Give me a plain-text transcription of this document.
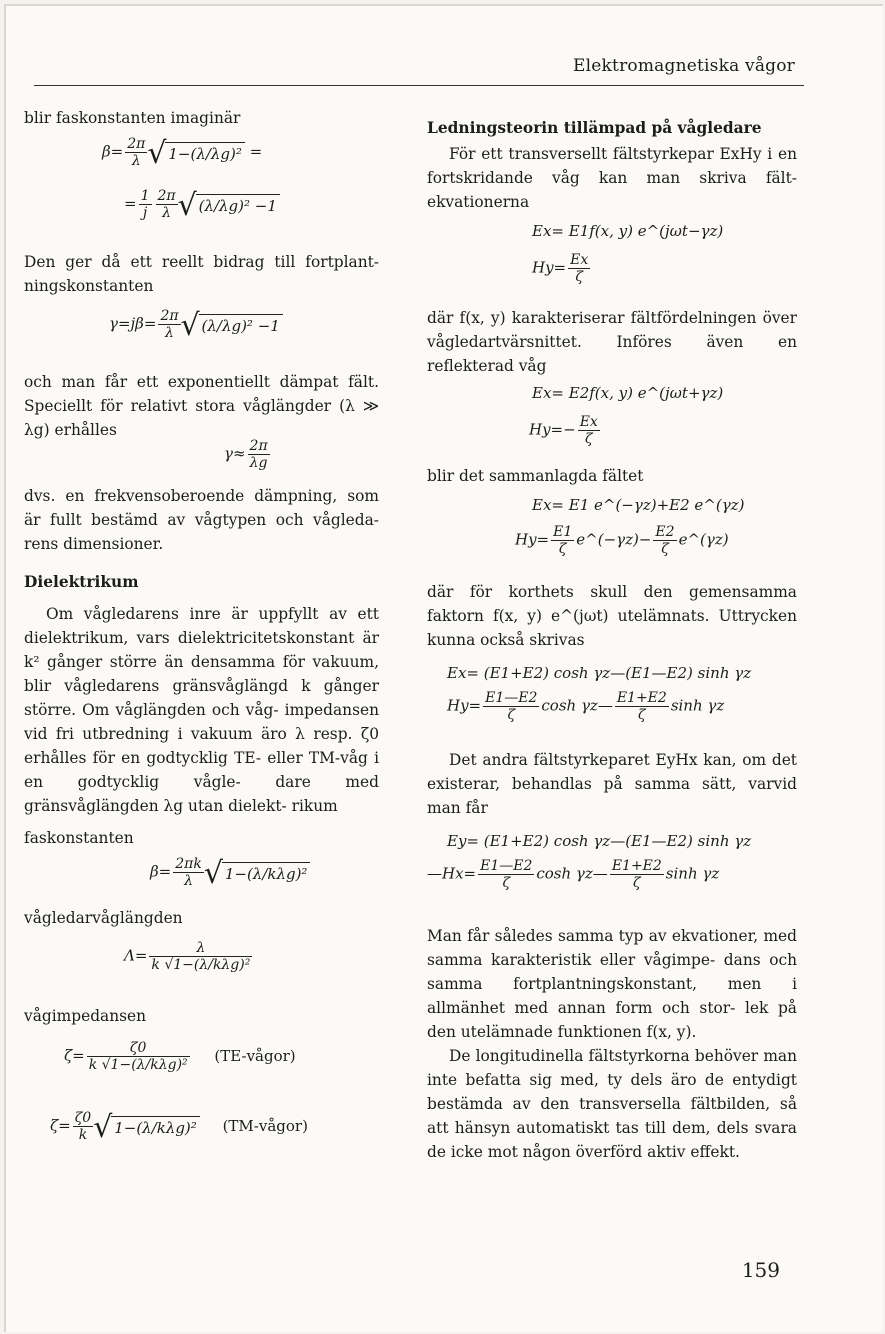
Elektromagnetiska vågor

blir faskonstanten imaginär

$\beta= \frac{2\pi}{\lambda}$ √ 1−(λ/λg)² =
= $\frac{1}{j} \frac{2\pi}{\lambda}$ √ (λ/λg)² −1

Den ger då ett reellt bidrag till fortplant- ningskonstanten

$\gamma=j\beta= \frac{2\pi}{\lambda}$ √ (λ/λg)² −1

och man får ett exponentiellt dämpat fält. Speciellt för relativt stora våglängder (λ ≫ λg) erhålles

$\gamma\approx \frac{2\pi}{\lambda g}$

dvs. en frekvensoberoende dämpning, som är fullt bestämd av vågtypen och vågleda- rens dimensioner.

Dielektrikum

Om vågledarens inre är uppfyllt av ett dielektrikum, vars dielektricitetskonstant är k² gånger större än densamma för vakuum, blir vågledarens gränsvåglängd k gånger större. Om våglängden och våg- impedansen vid fri utbredning i vakuum äro λ resp. ζ0 erhålles för en godtycklig TE- eller TM-våg i en godtycklig vågle- dare med gränsvåglängden λg utan dielekt- rikum

faskonstanten

$\beta= \frac{2\pi k}{\lambda}$ √ 1−(λ/kλg)²

vågledarvåglängden

$\Lambda= \frac{\lambda}{\text{k √1−(λ/kλg)²}}$

vågimpedansen

$\zeta= \frac{\zeta 0}{\text{k √1−(λ/kλg)²}}$ (TE-vågor)
$\zeta= \frac{\zeta 0}{k}$ √ 1−(λ/kλg)² (TM-vågor)

Ledningsteorin tillämpad på vågledare

För ett transversellt fältstyrkepar ExHy i en fortskridande våg kan man skriva fält- ekvationerna

Ex= E1f(x, y) e^(jωt−γz)
$Hy= \frac{Ex}{\zeta}$

där f(x, y) karakteriserar fältfördelningen över vågledartvärsnittet. Införes även en reflekterad våg

Ex= E2f(x, y) e^(jωt+γz)
$Hy=- \frac{Ex}{\zeta}$

blir det sammanlagda fältet

Ex= E1 e^(−γz)+E2 e^(γz)
$Hy= \frac{E1}{\zeta}$ e^(−γz)− $\frac{E2}{\zeta}$ e^(γz)

där för korthets skull den gemensamma faktorn f(x, y) e^(jωt) utelämnats. Uttrycken kunna också skrivas

Ex= (E1+E2) cosh γz—(E1—E2) sinh γz
$Hy= \frac{E1—E2}{\zeta}$ cosh γz— $\frac{E1+E2}{\zeta}$ sinh γz

Det andra fältstyrkeparet EyHx kan, om det existerar, behandlas på samma sätt, varvid man får

Ey= (E1+E2) cosh γz—(E1—E2) sinh γz
—Hx= $\frac{E1—E2}{\zeta}$ cosh γz— $\frac{E1+E2}{\zeta}$ sinh γz

Man får således samma typ av ekvationer, med samma karakteristik eller vågimpe- dans och samma fortplantningskonstant, men i allmänhet med annan form och stor- lek på den utelämnade funktionen f(x, y).

De longitudinella fältstyrkorna behöver man inte befatta sig med, ty dels äro de entydigt bestämda av den transversella fältbilden, så att hänsyn automatiskt tas till dem, dels svara de icke mot någon överförd aktiv effekt.

159
